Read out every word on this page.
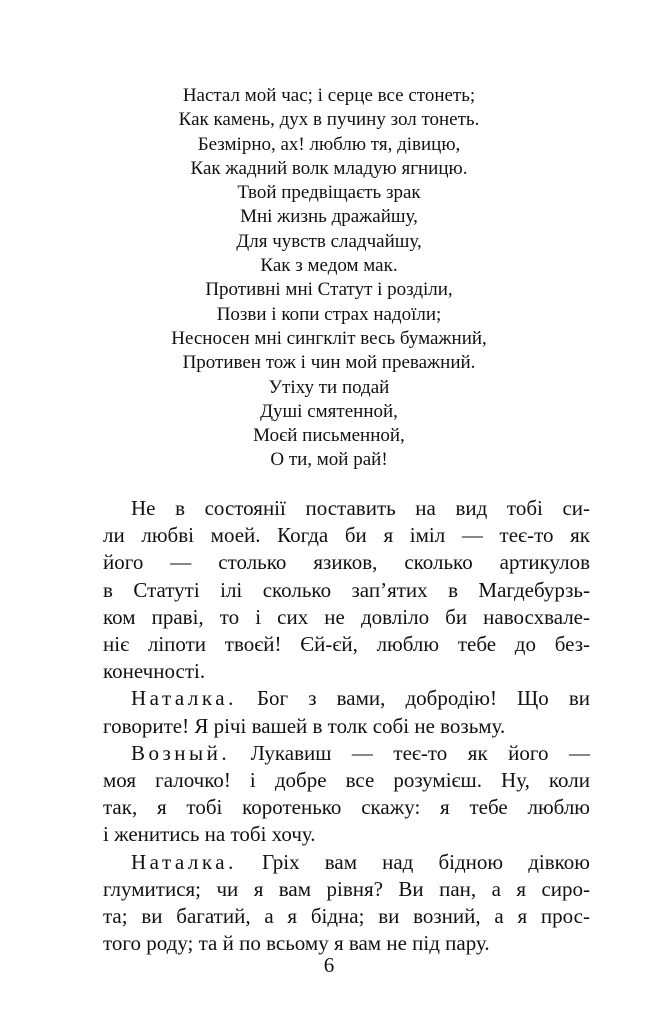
Настал мой час; і серце все стонеть;
Как камень, дух в пучину зол тонеть.
Безмірно, ах! люблю тя, дівицю,
Как жадний волк младую ягницю.
Твой предвіщаєть зрак
Мні жизнь дражайшу,
Для чувств сладчайшу,
Как з медом мак.
Противні мні Статут і розділи,
Позви і копи страх надоїли;
Несносен мні сингкліт весь бумажний,
Противен тож і чин мой преважний.
Утіху ти подай
Душі смятенной,
Моєй письменной,
О ти, мой рай!
Не в состоянії поставить на вид тобі си-
ли любві моей. Когда би я іміл — теє-то як
його — столько язиков, сколько артикулов
в Статуті ілі сколько зап’ятих в Магдебурзь-
ком праві, то і сих не довліло би навосхвале-
ніє ліпоти твоєй! Єй-єй, люблю тебе до без-
конечності.
Наталка. Бог з вами, добродію! Що ви
говорите! Я річі вашей в толк собі не возьму.
Возный. Лукавиш — теє-то як його —
моя галочко! і добре все розумієш. Ну, коли
так, я тобі коротенько скажу: я тебе люблю
і женитись на тобі хочу.
Наталка. Гріх вам над бідною дівкою
глумитися; чи я вам рівня? Ви пан, а я сиро-
та; ви багатий, а я бідна; ви возний, а я прос-
того роду; та й по всьому я вам не під пару.
6
